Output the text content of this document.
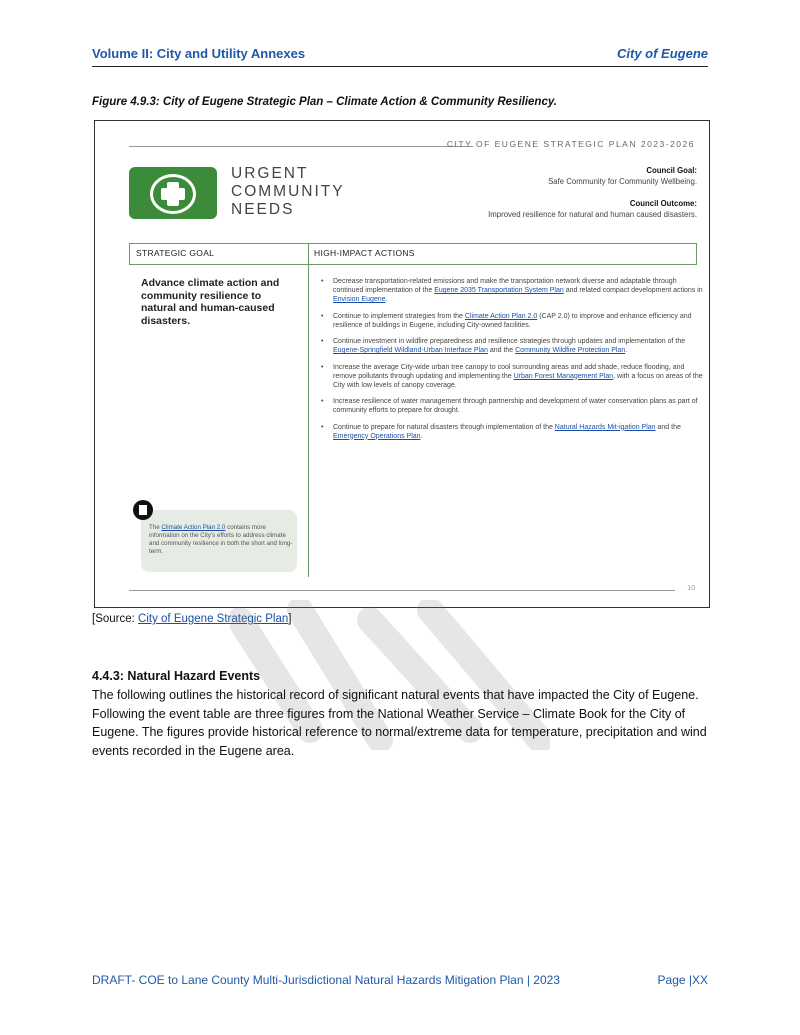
Volume II: City and Utility Annexes	City of Eugene
Figure 4.9.3: City of Eugene Strategic Plan – Climate Action & Community Resiliency.
CITY OF EUGENE STRATEGIC PLAN 2023-2026
URGENT
COMMUNITY
NEEDS
Council Goal:
Safe Community for Community Wellbeing.

Council Outcome:
Improved resilience for natural and human caused disasters.
STRATEGIC GOAL	HIGH-IMPACT ACTIONS
Advance climate action and community resilience to natural and human-caused disasters.
• Decrease transportation-related emissions and make the transportation network diverse and adaptable through continued implementation of the Eugene 2035 Transportation System Plan and related compact development actions in Envision Eugene.
• Continue to implement strategies from the Climate Action Plan 2.0 (CAP 2.0) to improve and enhance efficiency and resilience of buildings in Eugene, including City-owned facilities.
• Continue investment in wildfire preparedness and resilience strategies through updates and implementation of the Eugene-Springfield Wildland-Urban Interface Plan and the Community Wildfire Protection Plan.
• Increase the average City-wide urban tree canopy to cool surrounding areas and add shade, reduce flooding, and remove pollutants through updating and implementing the Urban Forest Management Plan, with a focus on areas of the City with low levels of canopy coverage.
• Increase resilience of water management through partnership and development of water conservation plans as part of community efforts to prepare for drought.
• Continue to prepare for natural disasters through implementation of the Natural Hazards Mit-igation Plan and the Emergency Operations Plan.
The Climate Action Plan 2.0 contains more information on the City's efforts to address climate and community resilience in both the short and long-term.
10
[Source: City of Eugene Strategic Plan]
4.4.3: Natural Hazard Events
The following outlines the historical record of significant natural events that have impacted the City of Eugene. Following the event table are three figures from the National Weather Service – Climate Book for the City of Eugene. The figures provide historical reference to normal/extreme data for temperature, precipitation and wind events recorded in the Eugene area.
DRAFT- COE to Lane County Multi-Jurisdictional Natural Hazards Mitigation Plan | 2023	Page |XX
